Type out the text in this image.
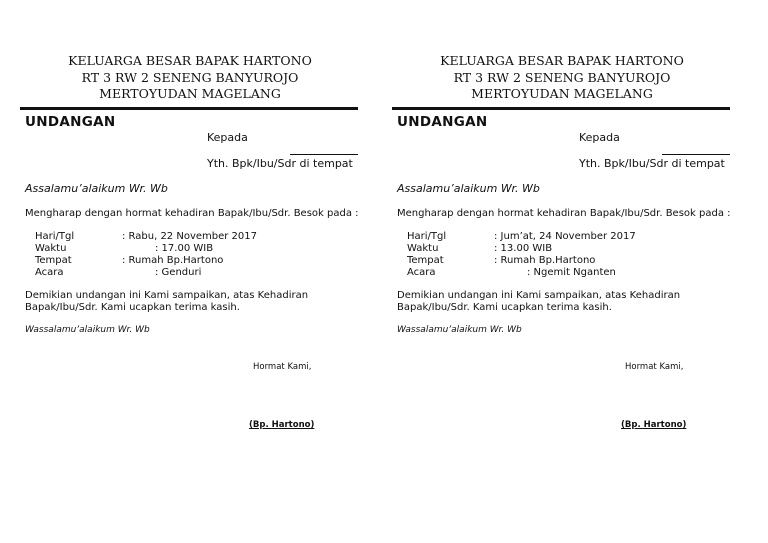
KELUARGA BESAR BAPAK HARTONO
RT 3 RW 2 SENENG BANYUROJO
MERTOYUDAN MAGELANG
UNDANGAN
Kepada
Yth. Bpk/Ibu/Sdr di tempat
Assalamu’alaikum Wr. Wb
Mengharap dengan hormat kehadiran Bapak/Ibu/Sdr. Besok pada :
Hari/Tgl	: Rabu, 22 November 2017
Waktu	: 17.00 WIB
Tempat	: Rumah Bp.Hartono
Acara	: Genduri
Demikian undangan ini Kami sampaikan, atas Kehadiran
Bapak/Ibu/Sdr. Kami ucapkan terima kasih.
Wassalamu’alaikum Wr. Wb
Hormat Kami,
(Bp. Hartono)
KELUARGA BESAR BAPAK HARTONO
RT 3 RW 2 SENENG BANYUROJO
MERTOYUDAN MAGELANG
UNDANGAN
Kepada
Yth. Bpk/Ibu/Sdr di tempat
Assalamu’alaikum Wr. Wb
Mengharap dengan hormat kehadiran Bapak/Ibu/Sdr. Besok pada :
Hari/Tgl	: Jum’at, 24 November 2017
Waktu	: 13.00 WIB
Tempat	: Rumah Bp.Hartono
Acara	: Ngemit Nganten
Demikian undangan ini Kami sampaikan, atas Kehadiran
Bapak/Ibu/Sdr. Kami ucapkan terima kasih.
Wassalamu’alaikum Wr. Wb
Hormat Kami,
(Bp. Hartono)
